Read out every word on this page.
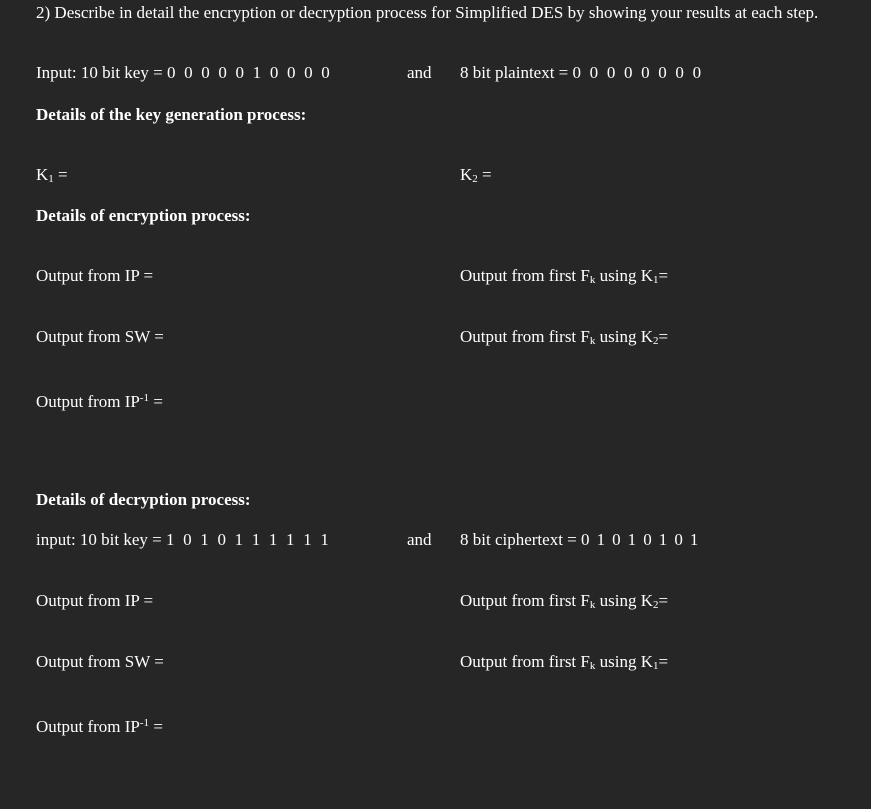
2) Describe in detail the encryption or decryption process for Simplified DES by showing your results at each step.
Input: 10 bit key = 0 0 0 0 0 1 0 0 0 0	and 8 bit plaintext = 0 0 0 0 0 0 0 0
Details of the key generation process:
$K_1$ =	$K_2$ =
Details of encryption process:
Output from IP =	Output from first $F_k$ using $K_1=$
Output from SW =	Output from first $F_k$ using $K_2=$
Output from $IP^{-1}$ =
Details of decryption process:
input: 10 bit key = 1 0 1 0 1 1 1 1 1 1	and 8 bit ciphertext = 0 1 0 1 0 1 0 1
Output from IP =	Output from first $F_k$ using $K_2=$
Output from SW =	Output from first $F_k$ using $K_1=$
Output from $IP^{-1}$ =
